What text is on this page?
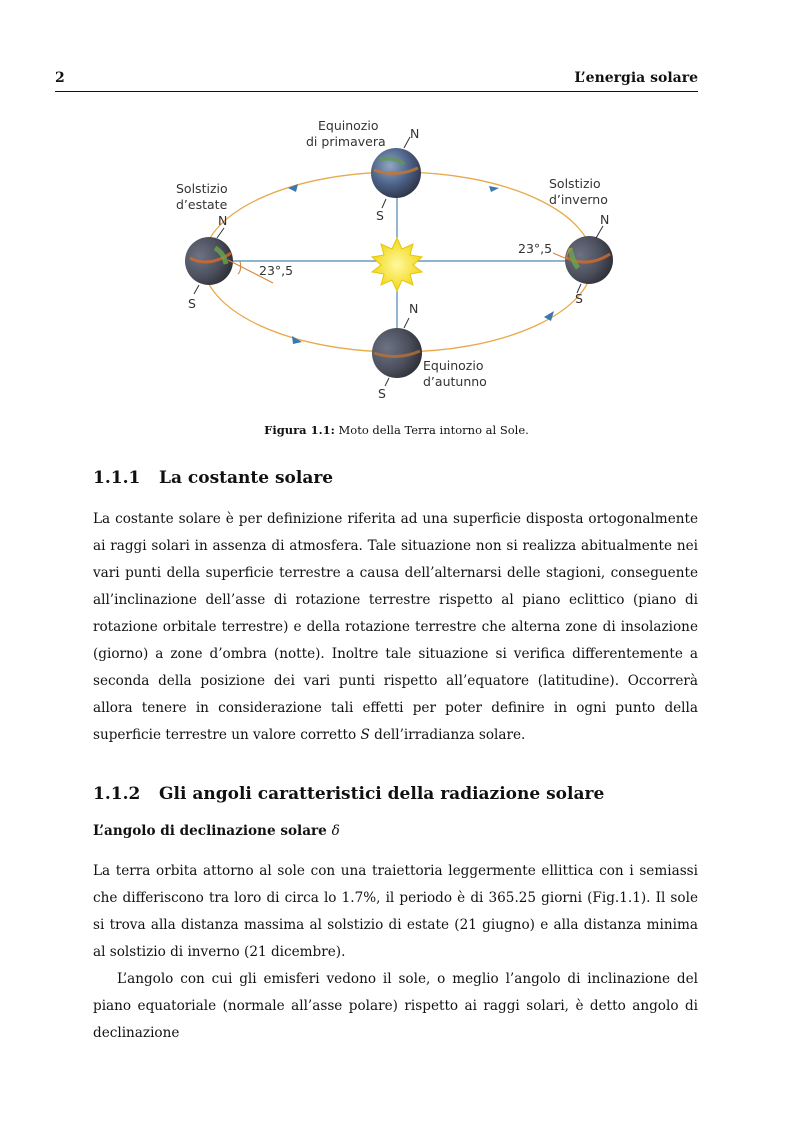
2	L’energia solare
Equinozio
di primavera
N
S
Solstizio
d’estate
N
S
23°,5
Solstizio
d’inverno
N
S
23°,5
N
Equinozio
d’autunno
S
Figura 1.1: Moto della Terra intorno al Sole.
1.1.1 La costante solare

La costante solare è per definizione riferita ad una superficie disposta ortogonalmente ai raggi solari in assenza di atmosfera. Tale situazione non si realizza abitualmente nei vari punti della superficie terrestre a causa dell’alternarsi delle stagioni, conseguente all’inclinazione dell’asse di rotazione terrestre rispetto al piano eclittico (piano di rotazione orbitale terrestre) e della rotazione terrestre che alterna zone di insolazione (giorno) a zone d’ombra (notte). Inoltre tale situazione si verifica differentemente a seconda della posizione dei vari punti rispetto all’equatore (latitudine). Occorrerà allora tenere in considerazione tali effetti per poter definire in ogni punto della superficie terrestre un valore corretto S dell’irradianza solare.

1.1.2 Gli angoli caratteristici della radiazione solare

L’angolo di declinazione solare δ

La terra orbita attorno al sole con una traiettoria leggermente ellittica con i semiassi che differiscono tra loro di circa lo 1.7%, il periodo è di 365.25 giorni (Fig.1.1). Il sole si trova alla distanza massima al solstizio di estate (21 giugno) e alla distanza minima al solstizio di inverno (21 dicembre).

L’angolo con cui gli emisferi vedono il sole, o meglio l’angolo di inclinazione del piano equatoriale (normale all’asse polare) rispetto ai raggi solari, è detto angolo di declinazione
